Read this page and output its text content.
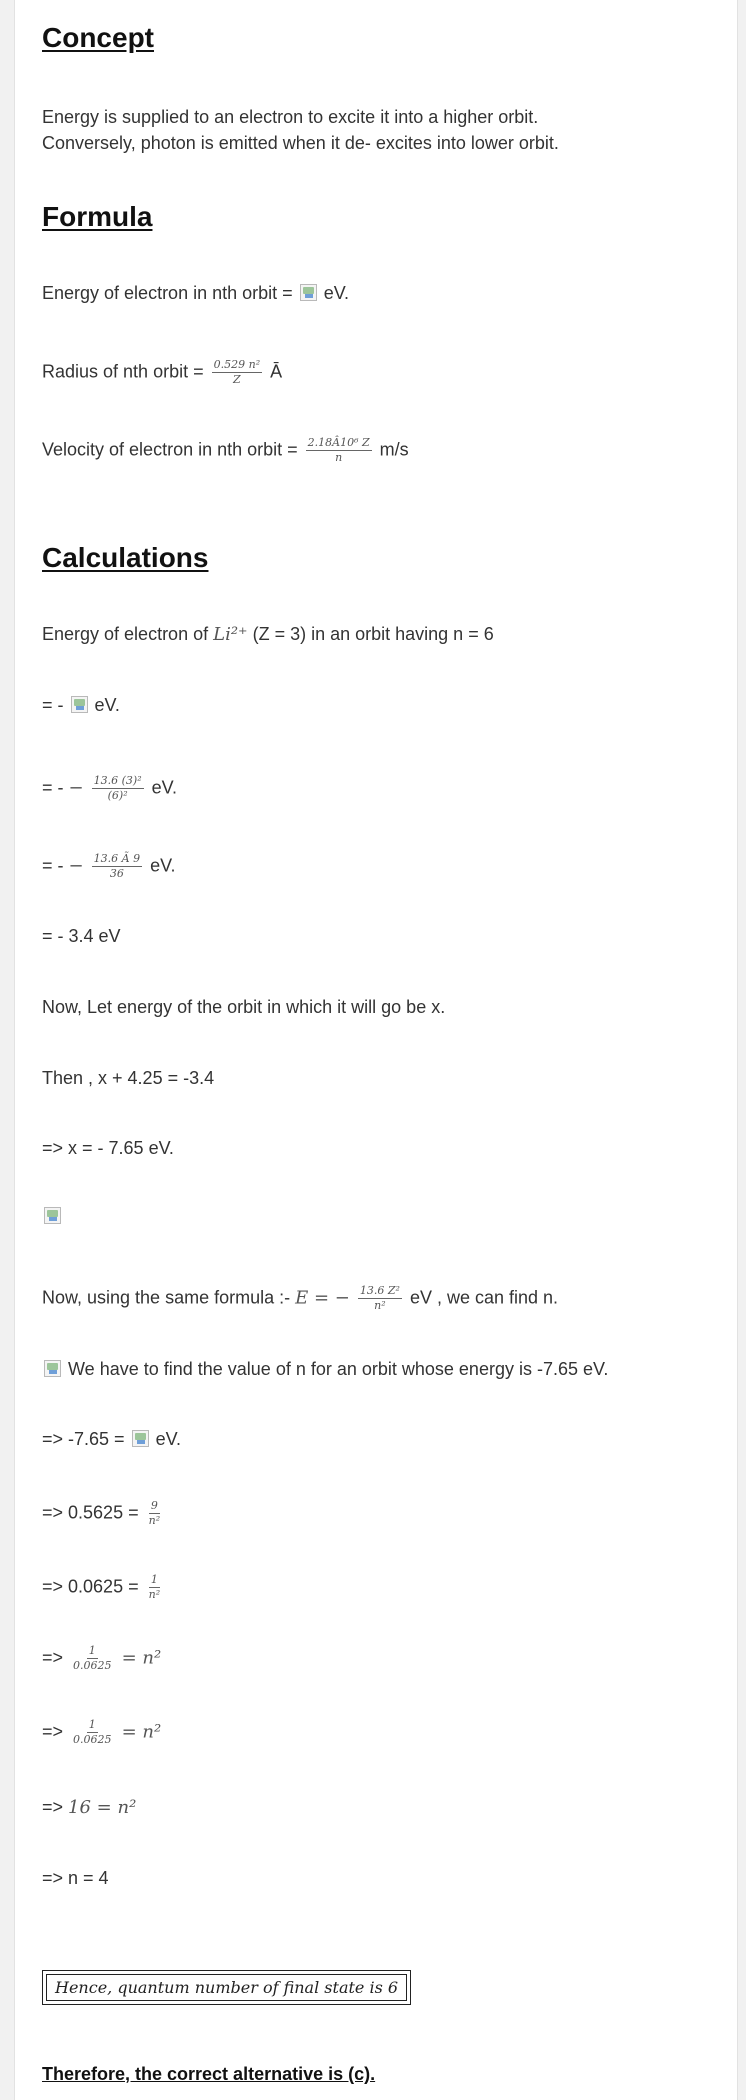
Concept

Energy is supplied to an electron to excite it into a higher orbit.

Conversely, photon is emitted when it de- excites into lower orbit.

Formula

Energy of electron in nth orbit = eV.

Radius of nth orbit = $\frac{\text{0.529 n²}}{Z}$ Ā

Velocity of electron in nth orbit = $\frac{\text{2.18Â10⁶ Z}}{n} m/s$

Calculations

Energy of electron of Li²⁺ (Z = 3) in an orbit having n = 6

= - eV.

= - − $\frac{\text{13.6 (3)²}}{\text{(6)²}}$ eV.

= - − $\frac{13.6 Ã 9}{36}$ eV.

= - 3.4 eV

Now, Let energy of the orbit in which it will go be x.

Then , x + 4.25 = -3.4

=> x = - 7.65 eV.

Now, using the same formula :- E = − $\frac{\text{13.6 Z²}}{\text{n²}}$ eV , we can find n.

We have to find the value of n for an orbit whose energy is -7.65 eV.

=> -7.65 = eV.

=> $0.5625 = \frac{9}{\text{n²}}$

=> $0.0625 = \frac{1}{\text{n²}}$

=> $\frac{1}{0.0625} = n^2$

=> $\frac{1}{0.0625} = n^2$

=> 16 = n²

=> n = 4

Hence, quantum number of final state is 6

Therefore, the correct alternative is (c).
